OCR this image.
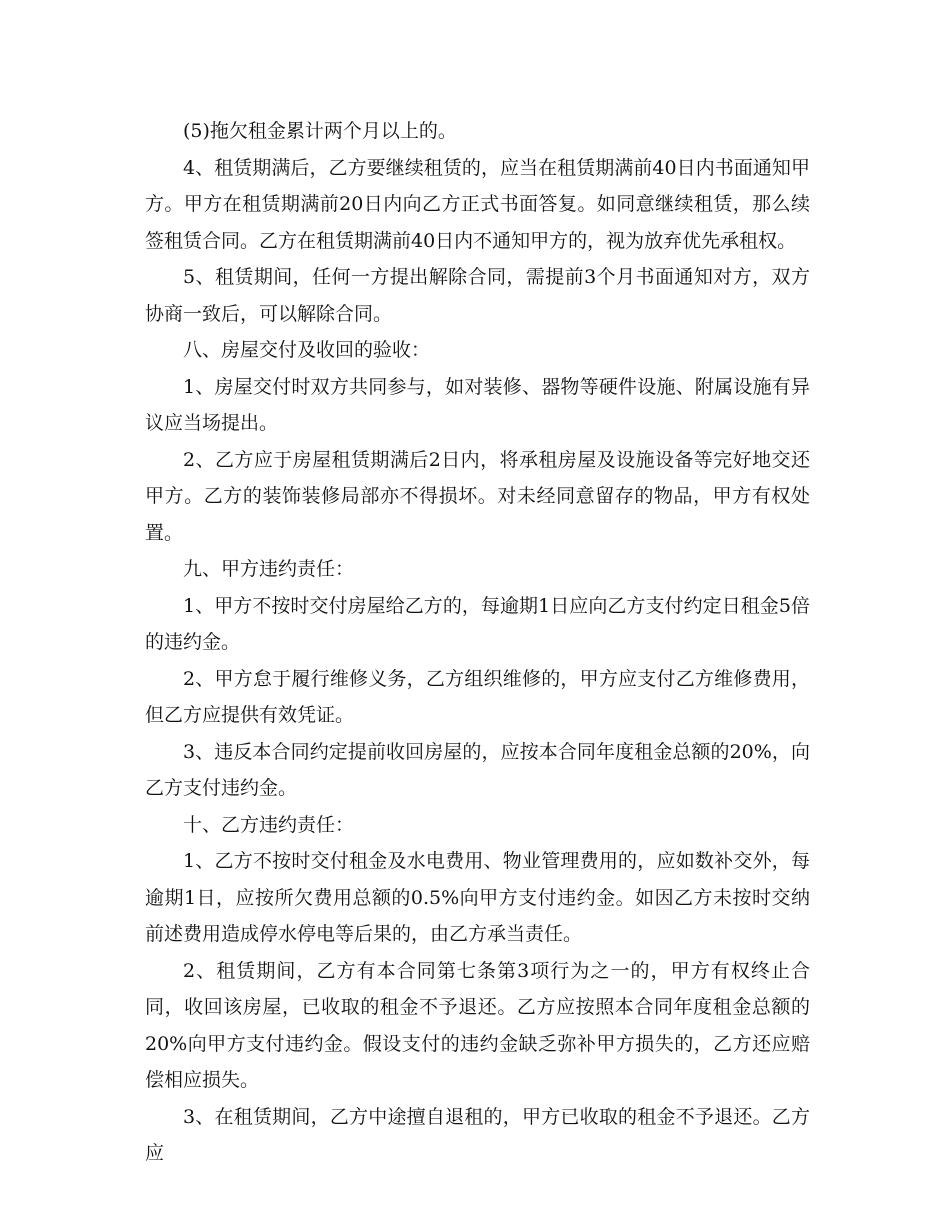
(5)拖欠租金累计两个月以上的。

4、租赁期满后，乙方要继续租赁的，应当在租赁期满前40日内书面通知甲方。甲方在租赁期满前20日内向乙方正式书面答复。如同意继续租赁，那么续签租赁合同。乙方在租赁期满前40日内不通知甲方的，视为放弃优先承租权。

5、租赁期间，任何一方提出解除合同，需提前3个月书面通知对方，双方协商一致后，可以解除合同。

八、房屋交付及收回的验收：

1、房屋交付时双方共同参与，如对装修、器物等硬件设施、附属设施有异议应当场提出。

2、乙方应于房屋租赁期满后2日内，将承租房屋及设施设备等完好地交还甲方。乙方的装饰装修局部亦不得损坏。对未经同意留存的物品，甲方有权处置。

九、甲方违约责任：

1、甲方不按时交付房屋给乙方的，每逾期1日应向乙方支付约定日租金5倍的违约金。

2、甲方怠于履行维修义务，乙方组织维修的，甲方应支付乙方维修费用，但乙方应提供有效凭证。

3、违反本合同约定提前收回房屋的，应按本合同年度租金总额的20%，向乙方支付违约金。

十、乙方违约责任：

1、乙方不按时交付租金及水电费用、物业管理费用的，应如数补交外，每逾期1日，应按所欠费用总额的0.5%向甲方支付违约金。如因乙方未按时交纳前述费用造成停水停电等后果的，由乙方承当责任。

2、租赁期间，乙方有本合同第七条第3项行为之一的，甲方有权终止合同，收回该房屋，已收取的租金不予退还。乙方应按照本合同年度租金总额的20%向甲方支付违约金。假设支付的违约金缺乏弥补甲方损失的，乙方还应赔偿相应损失。

3、在租赁期间，乙方中途擅自退租的，甲方已收取的租金不予退还。乙方应
